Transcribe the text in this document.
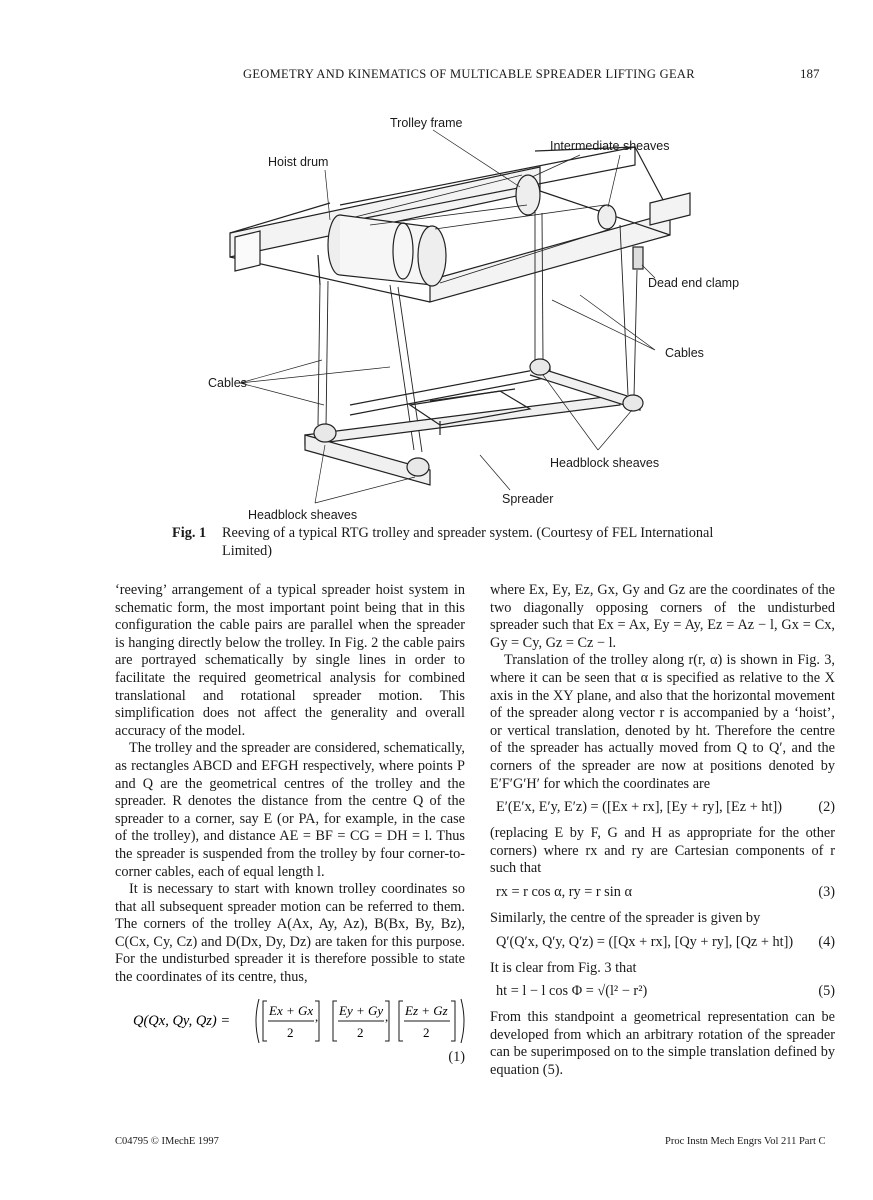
GEOMETRY AND KINEMATICS OF MULTICABLE SPREADER LIFTING GEAR	187
Trolley frame
Hoist drum
Intermediate sheaves
Dead end clamp
Cables
Cables
Headblock sheaves
Spreader
Headblock sheaves
Fig. 1 Reeving of a typical RTG trolley and spreader system. (Courtesy of FEL International
Limited)

‘reeving’ arrangement of a typical spreader hoist system in schematic form, the most important point being that in this configuration the cable pairs are parallel when the spreader is hanging directly below the trolley. In Fig. 2 the cable pairs are portrayed schematically by single lines in order to facilitate the required geometrical analysis for combined translational and rotational spreader motion. This simplification does not affect the generality and overall accuracy of the model.

The trolley and the spreader are considered, schematically, as rectangles ABCD and EFGH respectively, where points P and Q are the geometrical centres of the trolley and the spreader. R denotes the distance from the centre Q of the spreader to a corner, say E (or PA, for example, in the case of the trolley), and distance AE = BF = CG = DH = l. Thus the spreader is suspended from the trolley by four corner-to-corner cables, each of equal length l.

It is necessary to start with known trolley coordinates so that all subsequent spreader motion can be referred to them. The corners of the trolley A(Ax, Ay, Az), B(Bx, By, Bz), C(Cx, Cy, Cz) and D(Dx, Dy, Dz) are taken for this purpose. For the undisturbed spreader it is therefore possible to state the coordinates of its centre, thus,

Q(Qx, Qy, Qz) =
Ex + Gx Ey + Gy Ez + Gz
2	2	2
,	,
(1)

where Ex, Ey, Ez, Gx, Gy and Gz are the coordinates of the two diagonally opposing corners of the undisturbed spreader such that Ex = Ax, Ey = Ay, Ez = Az − l, Gx = Cx, Gy = Cy, Gz = Cz − l.

Translation of the trolley along r(r, α) is shown in Fig. 3, where it can be seen that α is specified as relative to the X axis in the XY plane, and also that the horizontal movement of the spreader along vector r is accompanied by a ‘hoist’, or vertical translation, denoted by ht. Therefore the centre of the spreader has actually moved from Q to Q′, and the corners of the spreader are now at positions denoted by E′F′G′H′ for which the coordinates are

E′(E′x, E′y, E′z) = ([Ex + rx], [Ey + ry], [Ez + ht])	(2)

(replacing E by F, G and H as appropriate for the other corners) where rx and ry are Cartesian components of r such that

rx = r cos α, ry = r sin α	(3)

Similarly, the centre of the spreader is given by

Q′(Q′x, Q′y, Q′z) = ([Qx + rx], [Qy + ry], [Qz + ht]) (4)

It is clear from Fig. 3 that

ht = l − l cos Φ = √(l² − r²)	(5)

From this standpoint a geometrical representation can be developed from which an arbitrary rotation of the spreader can be superimposed on to the simple translation defined by equation (5).

C04795 © IMechE 1997	Proc Instn Mech Engrs Vol 211 Part C
